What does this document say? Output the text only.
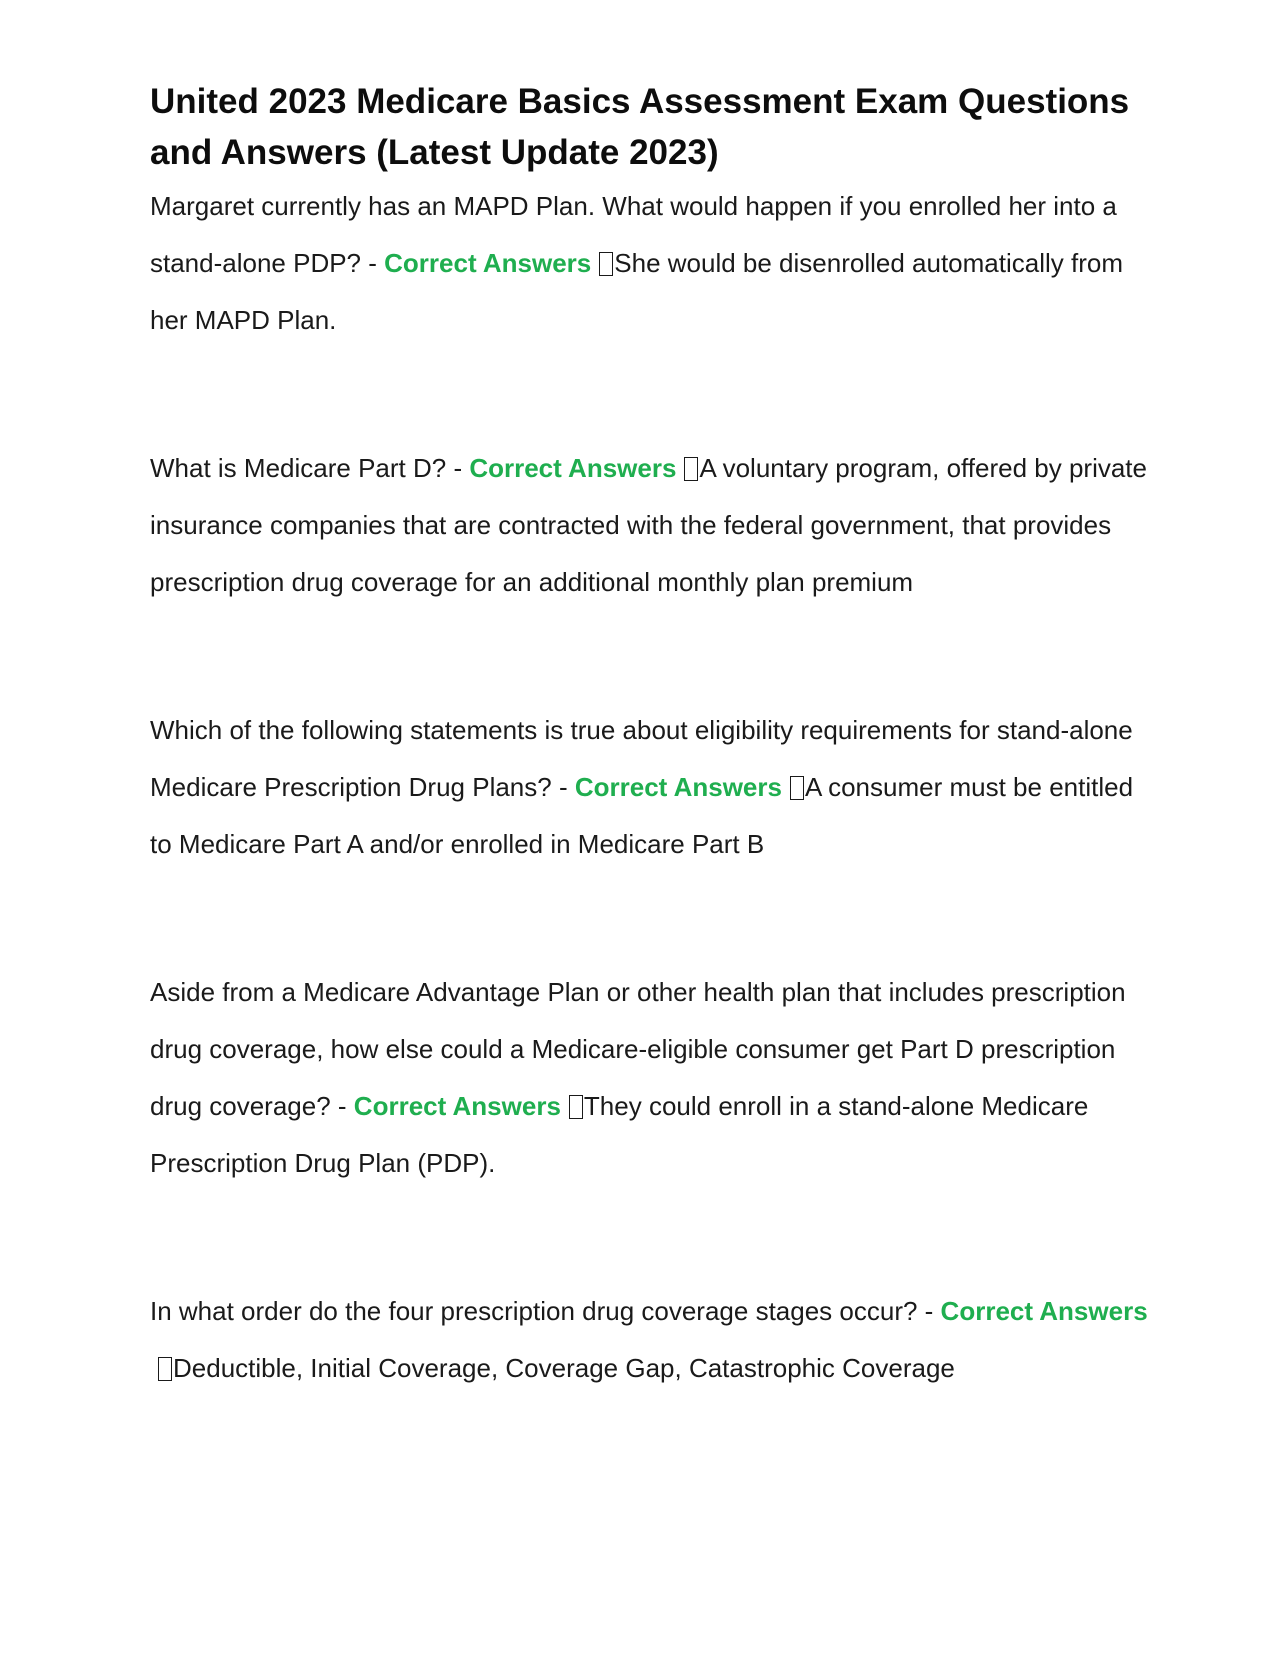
United 2023 Medicare Basics Assessment Exam Questions and Answers (Latest Update 2023)

Margaret currently has an MAPD Plan. What would happen if you enrolled her into a stand-alone PDP? - Correct Answers She would be disenrolled automatically from her MAPD Plan.

What is Medicare Part D? - Correct Answers A voluntary program, offered by private insurance companies that are contracted with the federal government, that provides prescription drug coverage for an additional monthly plan premium

Which of the following statements is true about eligibility requirements for stand-alone Medicare Prescription Drug Plans? - Correct Answers A consumer must be entitled to Medicare Part A and/or enrolled in Medicare Part B

Aside from a Medicare Advantage Plan or other health plan that includes prescription drug coverage, how else could a Medicare-eligible consumer get Part D prescription drug coverage? - Correct Answers They could enroll in a stand-alone Medicare Prescription Drug Plan (PDP).

In what order do the four prescription drug coverage stages occur? - Correct AnswersDeductible, Initial Coverage, Coverage Gap, Catastrophic Coverage
